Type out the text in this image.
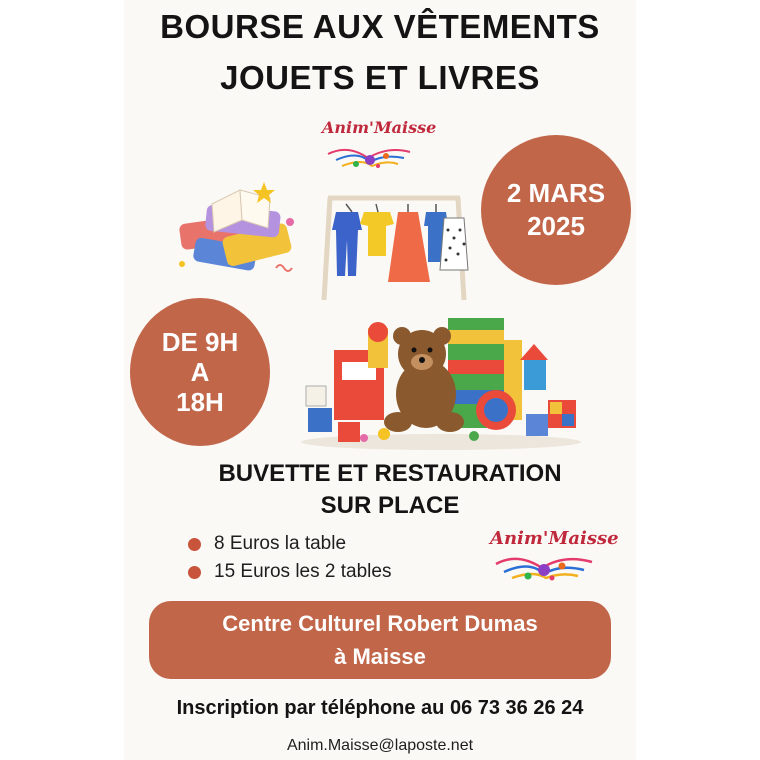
BOURSE AUX VÊTEMENTS
JOUETS ET LIVRES
Anim'Maisse
2 MARS
2025
DE 9H
A
18H
BUVETTE ET RESTAURATION
SUR PLACE
8 Euros la table
15 Euros les 2 tables
Anim'Maisse
Centre Culturel Robert Dumas
à Maisse
Inscription par téléphone au 06 73 36 26 24
Anim.Maisse@laposte.net
